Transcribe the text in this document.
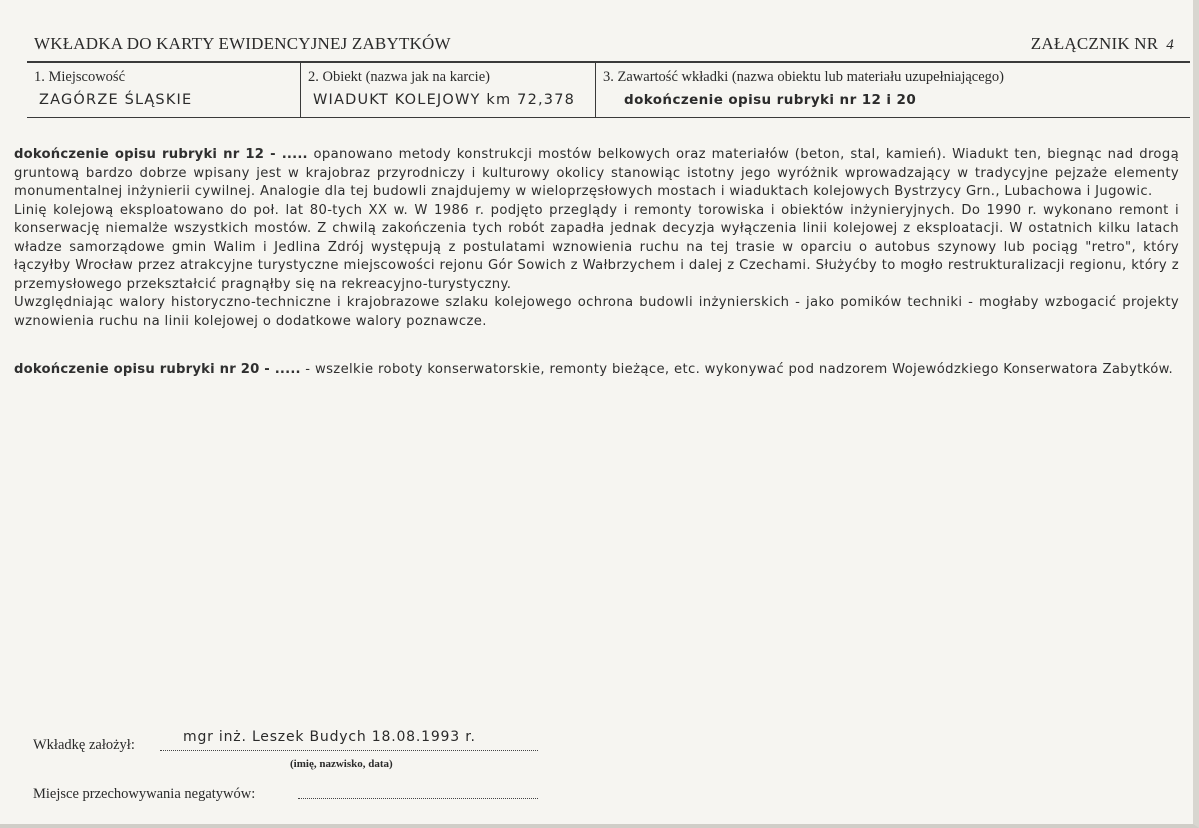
WKŁADKA DO KARTY EWIDENCYJNEJ ZABYTKÓW	ZAŁĄCZNIK NR 4
1. Miejscowość
ZAGÓRZE ŚLĄSKIE
2. Obiekt (nazwa jak na karcie)
WIADUKT KOLEJOWY km 72,378
3. Zawartość wkładki (nazwa obiektu lub materiału uzupełniającego)
dokończenie opisu rubryki nr 12 i 20

dokończenie opisu rubryki nr 12 - ..... opanowano metody konstrukcji mostów belkowych oraz materiałów (beton, stal, kamień). Wiadukt ten, biegnąc nad drogą gruntową bardzo dobrze wpisany jest w krajobraz przyrodniczy i kulturowy okolicy stanowiąc istotny jego wyróżnik wprowadzający w tradycyjne pejzaże elementy monumentalnej inżynierii cywilnej. Analogie dla tej budowli znajdujemy w wieloprzęsłowych mostach i wiaduktach kolejowych Bystrzycy Grn., Lubachowa i Jugowic.

Linię kolejową eksploatowano do poł. lat 80-tych XX w. W 1986 r. podjęto przeglądy i remonty torowiska i obiektów inżynieryjnych. Do 1990 r. wykonano remont i konserwację niemalże wszystkich mostów. Z chwilą zakończenia tych robót zapadła jednak decyzja wyłączenia linii kolejowej z eksploatacji. W ostatnich kilku latach władze samorządowe gmin Walim i Jedlina Zdrój występują z postulatami wznowienia ruchu na tej trasie w oparciu o autobus szynowy lub pociąg "retro", który łączyłby Wrocław przez atrakcyjne turystyczne miejscowości rejonu Gór Sowich z Wałbrzychem i dalej z Czechami. Służyćby to mogło restrukturalizacji regionu, który z przemysłowego przekształcić pragnąłby się na rekreacyjno-turystyczny.

Uwzględniając walory historyczno-techniczne i krajobrazowe szlaku kolejowego ochrona budowli inżynierskich - jako pomików techniki - mogłaby wzbogacić projekty wznowienia ruchu na linii kolejowej o dodatkowe walory poznawcze.

dokończenie opisu rubryki nr 20 - ..... - wszelkie roboty konserwatorskie, remonty bieżące, etc. wykonywać pod nadzorem Wojewódzkiego Konserwatora Zabytków.

Wkładkę założył:	mgr inż. Leszek Budych 18.08.1993 r.
(imię, nazwisko, data)
Miejsce przechowywania negatywów:
